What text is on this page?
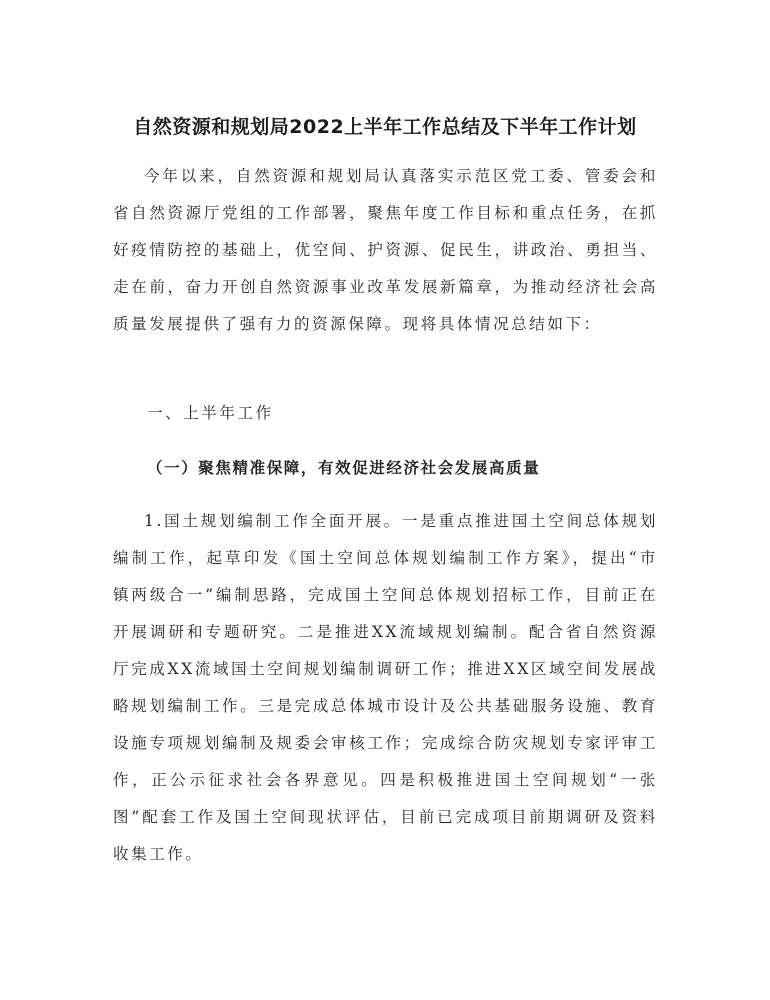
自然资源和规划局2022上半年工作总结及下半年工作计划

今年以来，自然资源和规划局认真落实示范区党工委、管委会和省自然资源厅党组的工作部署，聚焦年度工作目标和重点任务，在抓好疫情防控的基础上，优空间、护资源、促民生，讲政治、勇担当、走在前，奋力开创自然资源事业改革发展新篇章，为推动经济社会高质量发展提供了强有力的资源保障。现将具体情况总结如下：

一、上半年工作
（一）聚焦精准保障，有效促进经济社会发展高质量

1.国土规划编制工作全面开展。一是重点推进国土空间总体规划编制工作，起草印发《国土空间总体规划编制工作方案》，提出“市镇两级合一”编制思路，完成国土空间总体规划招标工作，目前正在开展调研和专题研究。二是推进XX流域规划编制。配合省自然资源厅完成XX流域国土空间规划编制调研工作；推进XX区域空间发展战略规划编制工作。三是完成总体城市设计及公共基础服务设施、教育设施专项规划编制及规委会审核工作；完成综合防灾规划专家评审工作，正公示征求社会各界意见。四是积极推进国土空间规划“一张图”配套工作及国土空间现状评估，目前已完成项目前期调研及资料收集工作。
